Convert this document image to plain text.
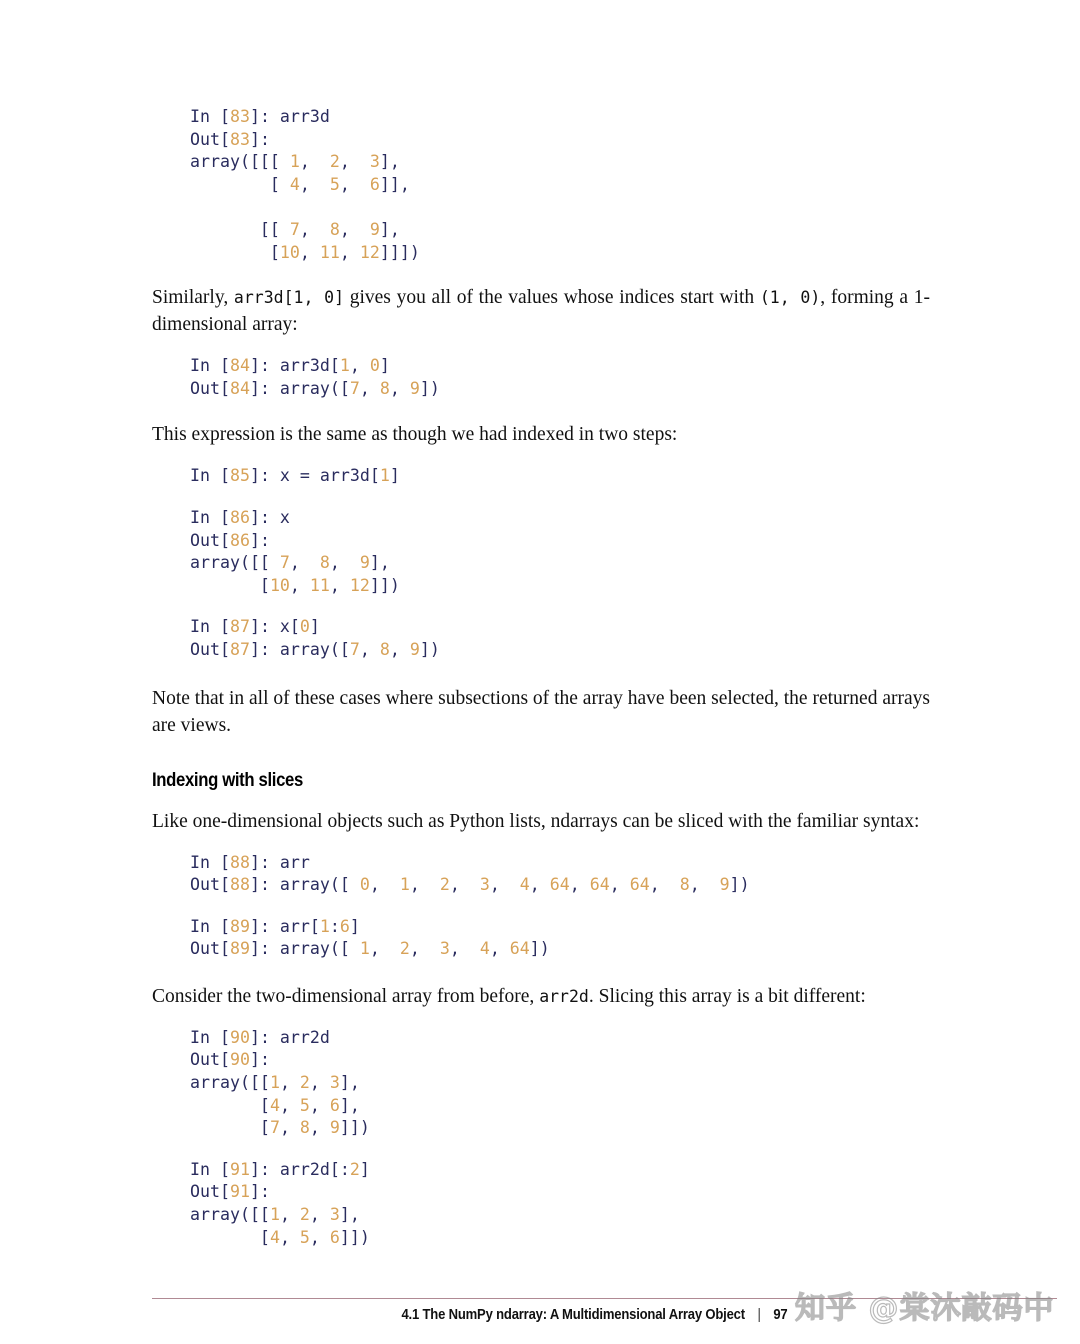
In [83]: arr3d
Out[83]:
array([[[ 1,  2,  3],
[ 4,  5,  6]],

[[ 7,  8,  9],
[10, 11, 12]]])

Similarly, arr3d[1, 0] gives you all of the values whose indices start with (1, 0), forming a 1-dimensional array:

In [84]: arr3d[1, 0]
Out[84]: array([7, 8, 9])

This expression is the same as though we had indexed in two steps:

In [85]: x = arr3d[1]
In [86]: x
Out[86]:
array([[ 7,  8,  9],
[10, 11, 12]])
In [87]: x[0]
Out[87]: array([7, 8, 9])

Note that in all of these cases where subsections of the array have been selected, the returned arrays are views.

Indexing with slices

Like one-dimensional objects such as Python lists, ndarrays can be sliced with the familiar syntax:

In [88]: arr
Out[88]: array([ 0,  1,  2,  3,  4, 64, 64, 64,  8,  9])
In [89]: arr[1:6]
Out[89]: array([ 1,  2,  3,  4, 64])

Consider the two-dimensional array from before, arr2d. Slicing this array is a bit different:

In [90]: arr2d
Out[90]:
array([[1, 2, 3],
[4, 5, 6],
[7, 8, 9]])
In [91]: arr2d[:2]
Out[91]:
array([[1, 2, 3],
[4, 5, 6]])
4.1 The NumPy ndarray: A Multidimensional Array Object | 97 知乎 @棠沐敲码中
